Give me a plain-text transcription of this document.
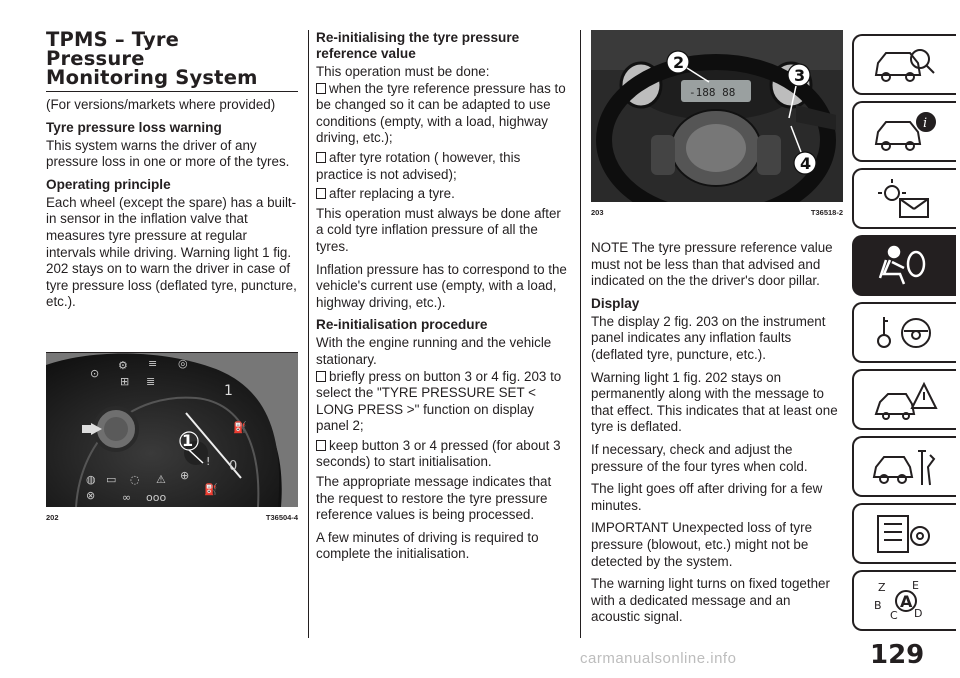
TPMS – Tyre
Pressure
Monitoring System

(For versions/markets where provided)

Tyre pressure loss warning

This system warns the driver of any pressure loss in one or more of the tyres.

Operating principle

Each wheel (except the spare) has a built-in sensor in the inflation valve that measures tyre pressure at regular intervals while driving. Warning light 1 fig. 202 stays on to warn the driver in case of tyre pressure loss (deflated tyre, puncture, etc.).

⚙ ≡ ◎
⊙
⊞ ≣
1
⛽
0
!
⛽
◍ ▭ ◌ ⚠ ⊕
⊗ ∞ ooo
1
202	T36504-4
Re-initialising the tyre pressure reference value

This operation must be done:

when the tyre reference pressure has to be changed so it can be adapted to use conditions (empty, with a load, highway driving, etc.);
after tyre rotation ( however, this practice is not advised);
after replacing a tyre.

This operation must always be done after a cold tyre inflation pressure of all the tyres.

Inflation pressure has to correspond to the vehicle's current use (empty, with a load, highway driving, etc.).

Re-initialisation procedure

With the engine running and the vehicle stationary.

briefly press on button 3 or 4 fig. 203 to select the "TYRE PRESSURE SET < LONG PRESS >" function on display panel 2;
keep button 3 or 4 pressed (for about 3 seconds) to start initialisation.

The appropriate message indicates that the request to restore the tyre pressure reference values is being processed.

A few minutes of driving is required to complete the initialisation.

-188 88
2
3
4
203	T36518-2

NOTE The tyre pressure reference value must not be less than that advised and indicated on the the driver's door pillar.

Display

The display 2 fig. 203 on the instrument panel indicates any inflation faults (deflated tyre, puncture, etc.).

Warning light 1 fig. 202 stays on permanently along with the message to that effect. This indicates that at least one tyre is deflated.

If necessary, check and adjust the pressure of the four tyres when cold.

The light goes off after driving for a few minutes.

IMPORTANT Unexpected loss of tyre pressure (blowout, etc.) might not be detected by the system.

The warning light turns on fixed together with a dedicated message and an acoustic signal.

i
Z E
B
C D
A
129
carmanualsonline.info
